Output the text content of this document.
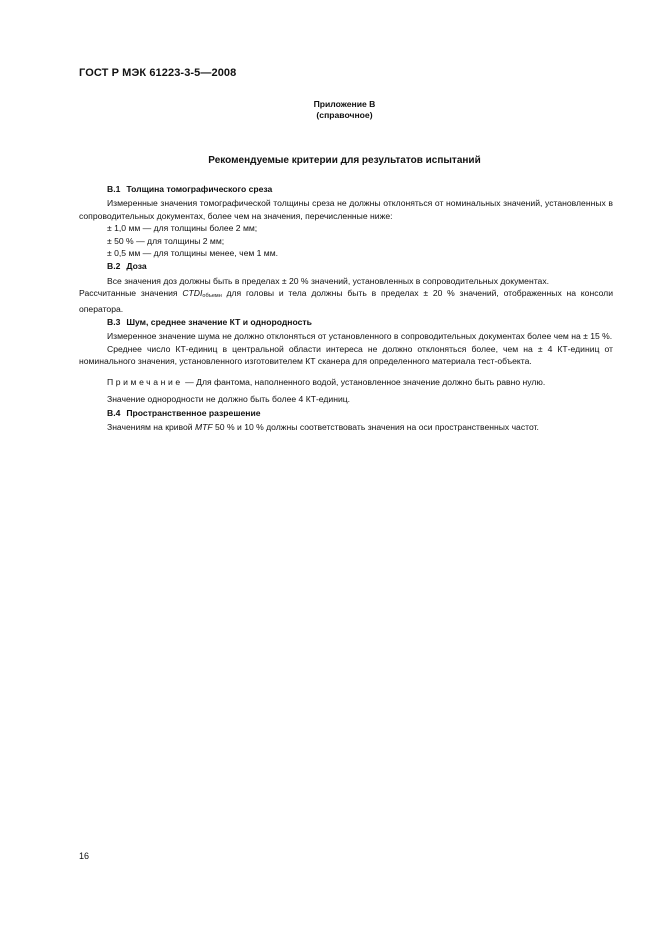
ГОСТ Р МЭК 61223-3-5—2008
Приложение В
(справочное)
Рекомендуемые критерии для результатов испытаний

В.1 Толщина томографического среза

Измеренные значения томографической толщины среза не должны отклоняться от номинальных значений, установленных в сопроводительных документах, более чем на значения, перечисленные ниже:

± 1,0 мм — для толщины более 2 мм;

± 50 % — для толщины 2 мм;

± 0,5 мм — для толщины менее, чем 1 мм.

В.2 Доза

Все значения доз должны быть в пределах ± 20 % значений, установленных в сопроводительных документах.

Рассчитанные значения $CTDI_{объемн}$ для головы и тела должны быть в пределах ± 20 % значений, отображенных на консоли оператора.

В.3 Шум, среднее значение КТ и однородность

Измеренное значение шума не должно отклоняться от установленного в сопроводительных документах более чем на ± 15 %.

Среднее число КТ-единиц в центральной области интереса не должно отклоняться более, чем на ± 4 КТ-единиц от номинального значения, установленного изготовителем КТ сканера для определенного материала тест-объекта.

Примечание — Для фантома, наполненного водой, установленное значение должно быть равно нулю.

Значение однородности не должно быть более 4 КТ-единиц.

В.4 Пространственное разрешение

Значениям на кривой MTF 50 % и 10 % должны соответствовать значения на оси пространственных частот.

16
